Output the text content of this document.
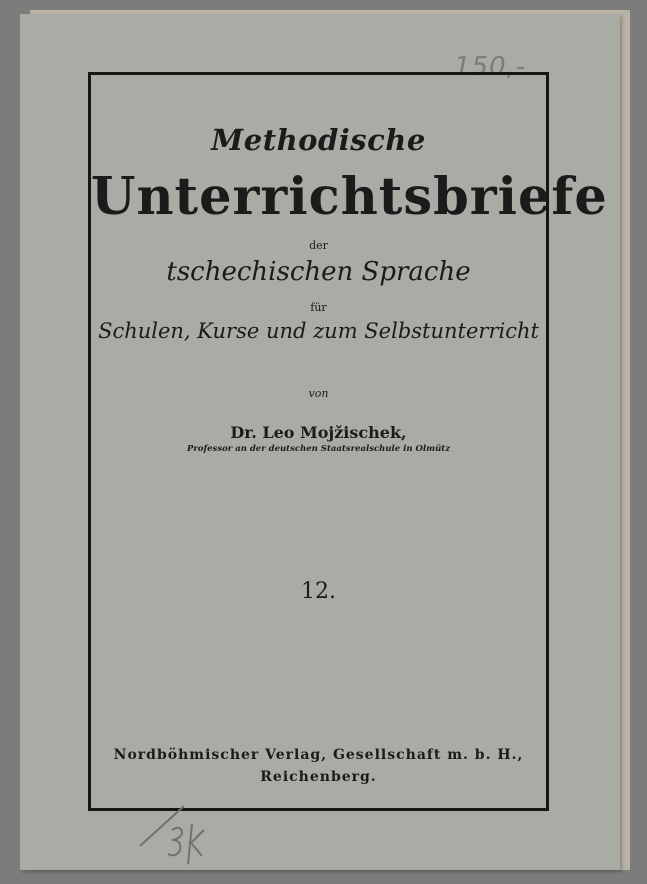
150,-
Methodische
Unterrichtsbriefe
der
tschechischen Sprache
für
Schulen, Kurse und zum Selbstunterricht
von
Dr. Leo Mojžischek,
Professor an der deutschen Staatsrealschule in Olmütz
12.
Nordböhmischer Verlag, Gesellschaft m. b. H.,
Reichenberg.
